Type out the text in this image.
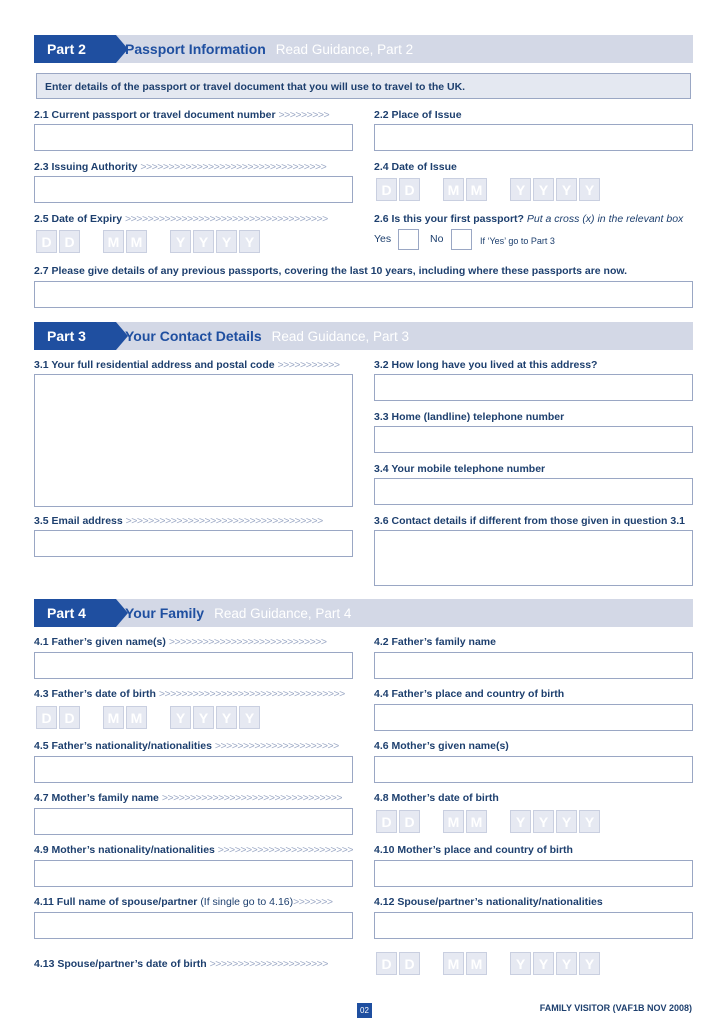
Part 2	Passport Information Read Guidance, Part 2
Enter details of the passport or travel document that you will use to travel to the UK.
2.1 Current passport or travel document number >>>>>>>>>	2.2 Place of Issue
2.3 Issuing Authority >>>>>>>>>>>>>>>>>>>>>>>>>>>>>>>>>	2.4 Date of Issue
D D	M M	Y Y Y Y
2.5 Date of Expiry >>>>>>>>>>>>>>>>>>>>>>>>>>>>>>>>>>>>
D D	M M	Y Y Y Y
2.6 Is this your first passport? Put a cross (x) in the relevant box
Yes	No	If ‘Yes’ go to Part 3
2.7 Please give details of any previous passports, covering the last 10 years, including where these passports are now.
Part 3	Your Contact Details Read Guidance, Part 3
3.1 Your full residential address and postal code >>>>>>>>>>>	3.2 How long have you lived at this address?
3.3 Home (landline) telephone number
3.4 Your mobile telephone number
3.5 Email address >>>>>>>>>>>>>>>>>>>>>>>>>>>>>>>>>>>	3.6 Contact details if different from those given in question 3.1
Part 4	Your Family Read Guidance, Part 4
4.1 Father’s given name(s) >>>>>>>>>>>>>>>>>>>>>>>>>>>>	4.2 Father’s family name
4.3 Father’s date of birth >>>>>>>>>>>>>>>>>>>>>>>>>>>>>>>>>
D D	M M	Y Y Y Y
4.4 Father’s place and country of birth
4.5 Father’s nationality/nationalities >>>>>>>>>>>>>>>>>>>>>>	4.6 Mother’s given name(s)
4.7 Mother’s family name >>>>>>>>>>>>>>>>>>>>>>>>>>>>>>>>	4.8 Mother’s date of birth
D D	M M	Y Y Y Y
4.9 Mother’s nationality/nationalities >>>>>>>>>>>>>>>>>>>>>>>> 4.10 Mother’s place and country of birth
4.11 Full name of spouse/partner (If single go to 4.16)>>>>>>>	4.12 Spouse/partner’s nationality/nationalities
4.13 Spouse/partner’s date of birth >>>>>>>>>>>>>>>>>>>>>	D D	M M	Y Y Y Y
02	FAMILY VISITOR (VAF1B NOV 2008)
